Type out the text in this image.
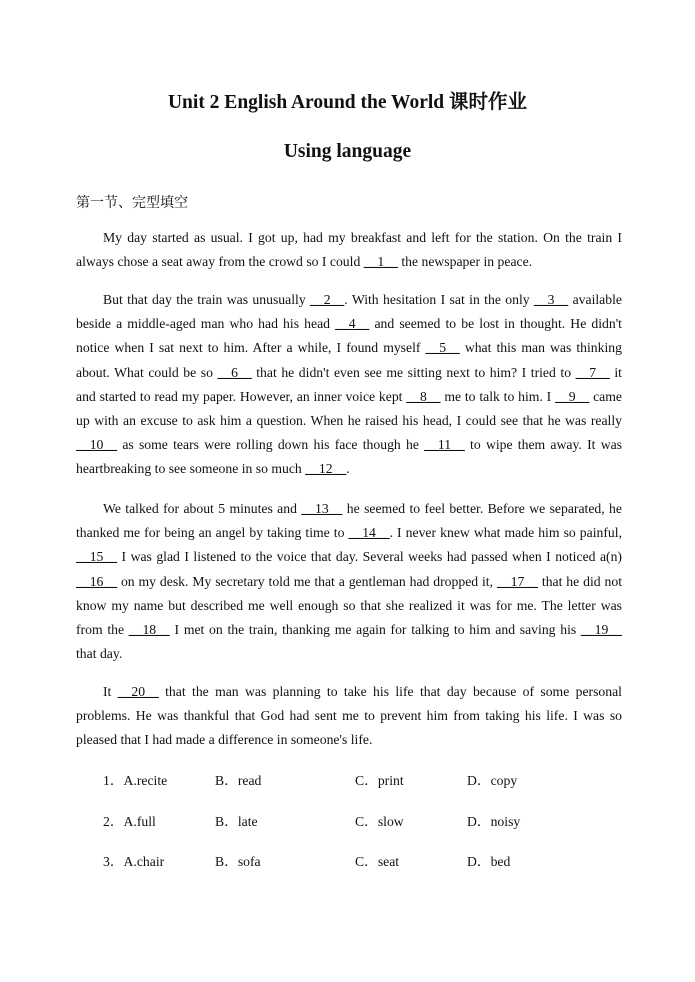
Unit 2 English Around the World 课时作业
Using language
第一节、完型填空

My day started as usual. I got up, had my breakfast and left for the station. On the train I always chose a seat away from the crowd so I could __1__ the newspaper in peace.

But that day the train was unusually __2__. With hesitation I sat in the only __3__ available beside a middle-aged man who had his head __4__ and seemed to be lost in thought. He didn't notice when I sat next to him. After a while, I found myself __5__ what this man was thinking about. What could be so __6__ that he didn't even see me sitting next to him? I tried to __7__ it and started to read my paper. However, an inner voice kept __8__ me to talk to him. I __9__ came up with an excuse to ask him a question. When he raised his head, I could see that he was really __10__ as some tears were rolling down his face though he __11__ to wipe them away. It was heartbreaking to see someone in so much __12__.

We talked for about 5 minutes and __13__ he seemed to feel better. Before we separated, he thanked me for being an angel by taking time to __14__. I never knew what made him so painful, __15__ I was glad I listened to the voice that day. Several weeks had passed when I noticed a(n) __16__ on my desk. My secretary told me that a gentleman had dropped it, __17__ that he did not know my name but described me well enough so that she realized it was for me. The letter was from the __18__ I met on the train, thanking me again for talking to him and saving his __19__ that day.

It __20__ that the man was planning to take his life that day because of some personal problems. He was thankful that God had sent me to prevent him from taking his life. I was so pleased that I had made a difference in someone's life.

1．A.recite	B．read	C．print	D．copy
2．A.full	B．late	C．slow	D．noisy
3．A.chair	B．sofa	C．seat	D．bed
